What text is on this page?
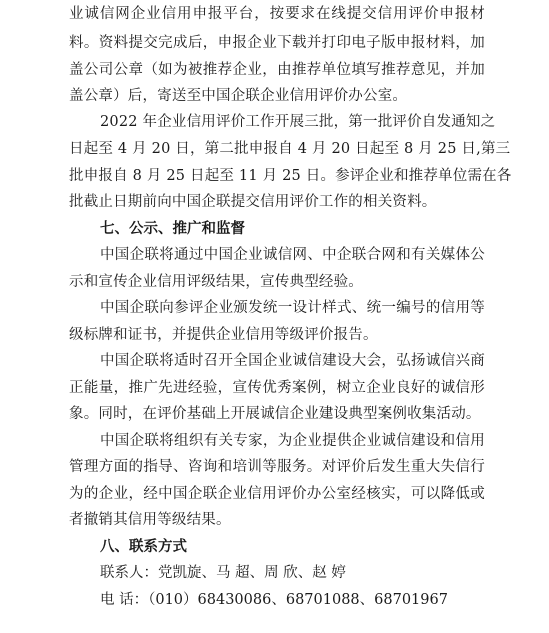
业诚信网企业信用申报平台，按要求在线提交信用评价申报材
料。资料提交完成后，申报企业下载并打印电子版申报材料，加
盖公司公章（如为被推荐企业，由推荐单位填写推荐意见，并加
盖公章）后，寄送至中国企联企业信用评价办公室。
2022 年企业信用评价工作开展三批，第一批评价自发通知之
日起至 4 月 20 日，第二批申报自 4 月 20 日起至 8 月 25 日,第三
批申报自 8 月 25 日起至 11 月 25 日。参评企业和推荐单位需在各
批截止日期前向中国企联提交信用评价工作的相关资料。
七、公示、推广和监督
中国企联将通过中国企业诚信网、中企联合网和有关媒体公
示和宣传企业信用评级结果，宣传典型经验。
中国企联向参评企业颁发统一设计样式、统一编号的信用等
级标牌和证书，并提供企业信用等级评价报告。
中国企联将适时召开全国企业诚信建设大会，弘扬诚信兴商
正能量，推广先进经验，宣传优秀案例，树立企业良好的诚信形
象。同时，在评价基础上开展诚信企业建设典型案例收集活动。
中国企联将组织有关专家，为企业提供企业诚信建设和信用
管理方面的指导、咨询和培训等服务。对评价后发生重大失信行
为的企业，经中国企联企业信用评价办公室经核实，可以降低或
者撤销其信用等级结果。
八、联系方式
联系人：党凯旋、马 超、周 欣、赵 婷
电 话：（010）68430086、68701088、68701967
